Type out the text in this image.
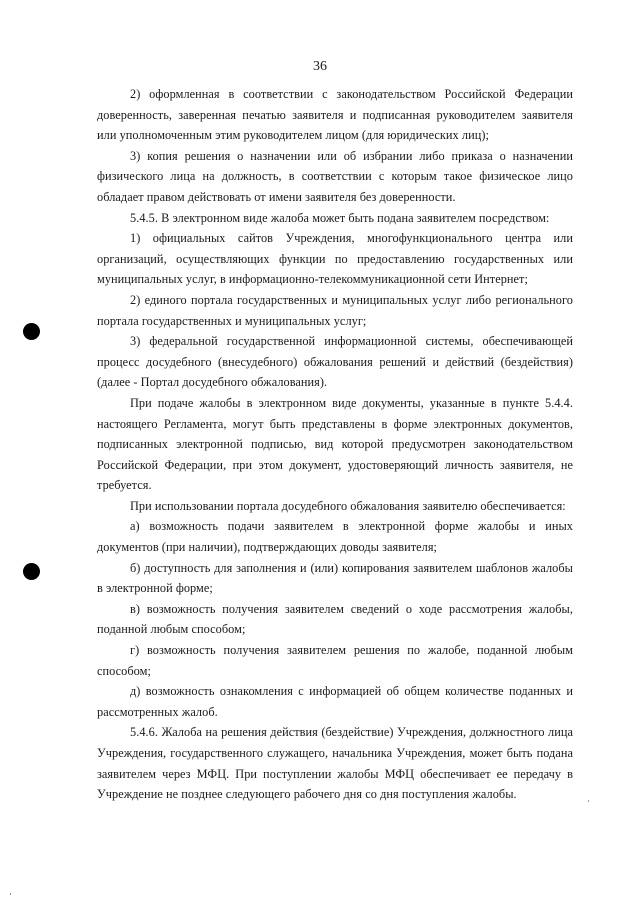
36

2) оформленная в соответствии с законодательством Российской Федерации доверенность, заверенная печатью заявителя и подписанная руководителем заявителя или уполномоченным этим руководителем лицом (для юридических лиц);

3) копия решения о назначении или об избрании либо приказа о назначении физического лица на должность, в соответствии с которым такое физическое лицо обладает правом действовать от имени заявителя без доверенности.

5.4.5. В электронном виде жалоба может быть подана заявителем посредством:

1) официальных сайтов Учреждения, многофункционального центра или организаций, осуществляющих функции по предоставлению государственных или муниципальных услуг, в информационно-телекоммуникационной сети Интернет;

2) единого портала государственных и муниципальных услуг либо регионального портала государственных и муниципальных услуг;

3) федеральной государственной информационной системы, обеспечивающей процесс досудебного (внесудебного) обжалования решений и действий (бездействия) (далее - Портал досудебного обжалования).

При подаче жалобы в электронном виде документы, указанные в пункте 5.4.4. настоящего Регламента, могут быть представлены в форме электронных документов, подписанных электронной подписью, вид которой предусмотрен законодательством Российской Федерации, при этом документ, удостоверяющий личность заявителя, не требуется.

При использовании портала досудебного обжалования заявителю обеспечивается:

а) возможность подачи заявителем в электронной форме жалобы и иных документов (при наличии), подтверждающих доводы заявителя;

б) доступность для заполнения и (или) копирования заявителем шаблонов жалобы в электронной форме;

в) возможность получения заявителем сведений о ходе рассмотрения жалобы, поданной любым способом;

г) возможность получения заявителем решения по жалобе, поданной любым способом;

д) возможность ознакомления с информацией об общем количестве поданных и рассмотренных жалоб.

5.4.6. Жалоба на решения действия (бездействие) Учреждения, должностного лица Учреждения, государственного служащего, начальника Учреждения, может быть подана заявителем через МФЦ. При поступлении жалобы МФЦ обеспечивает ее передачу в Учреждение не позднее следующего рабочего дня со дня поступления жалобы.
